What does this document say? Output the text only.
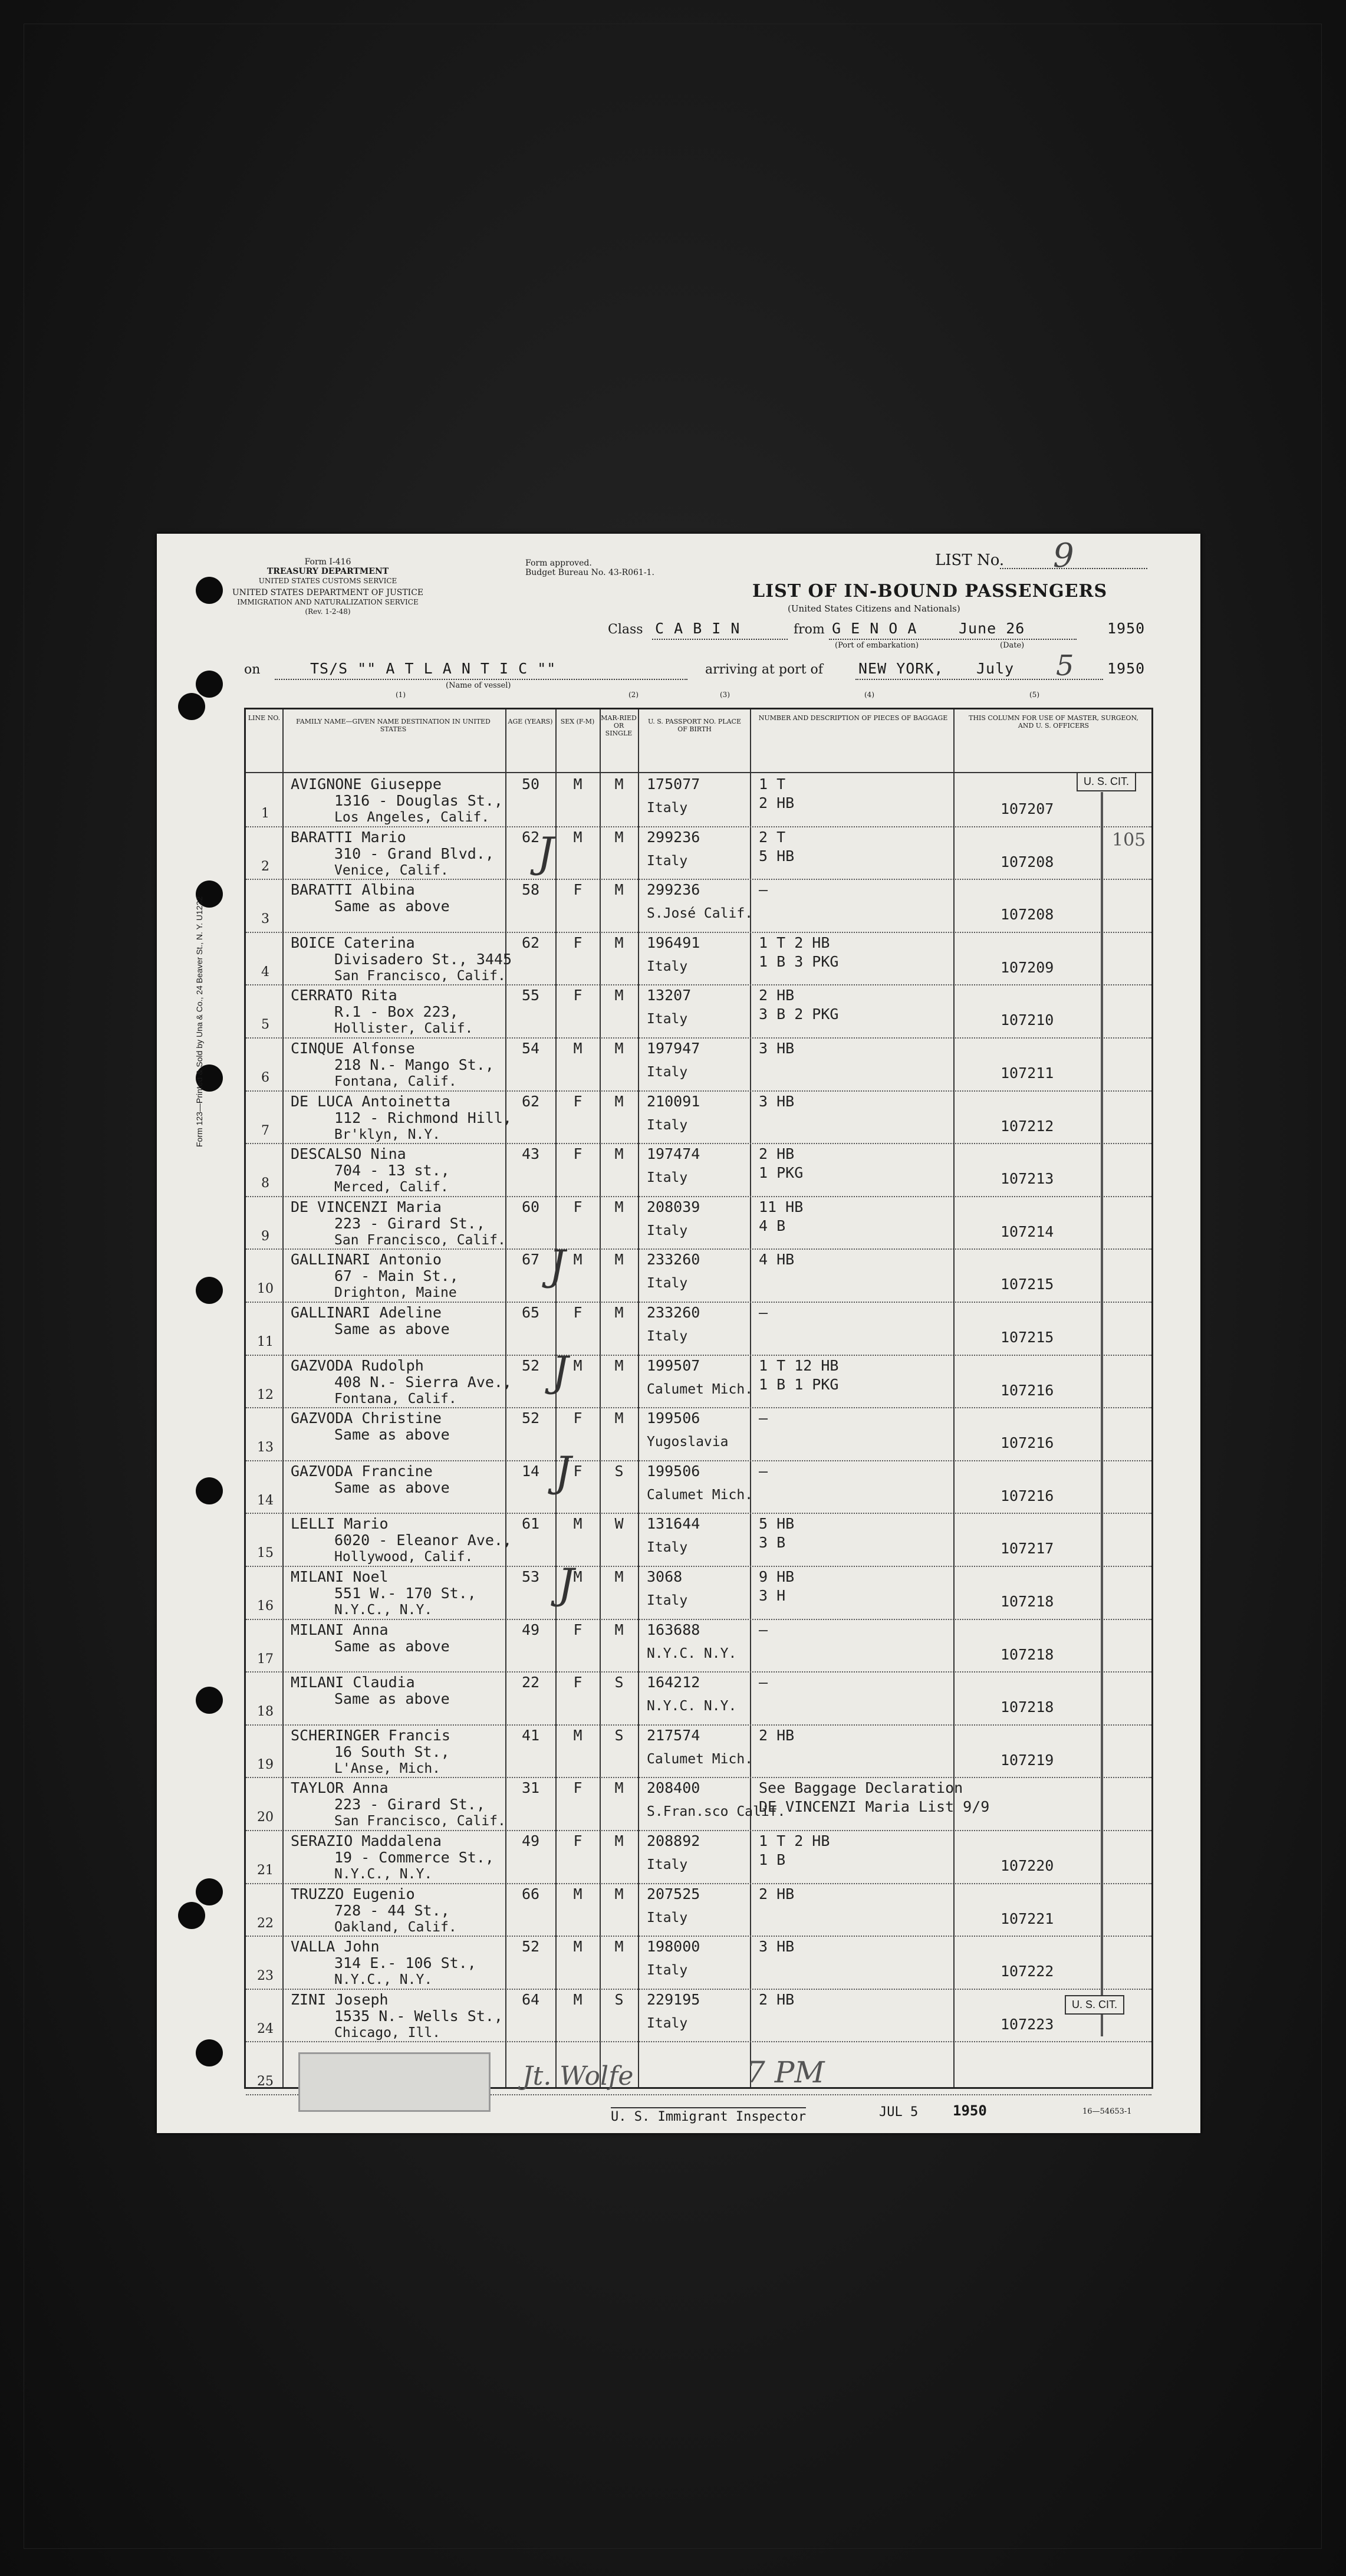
Form 123—Printed & Sold by Una & Co., 24 Beaver St., N. Y. U1232
Form I-416
TREASURY DEPARTMENT
UNITED STATES CUSTOMS SERVICE
UNITED STATES DEPARTMENT OF JUSTICE
IMMIGRATION AND NATURALIZATION SERVICE
(Rev. 1-2-48)
Form approved.
Budget Bureau No. 43-R061-1.
LIST No. 9
LIST OF IN-BOUND PASSENGERS
(United States Citizens and Nationals)
Class C A B I N	from G E N O A	June 26	1950
(Port of embarkation)	(Date)
on	TS/S "" A T L A N T I C ""
(Name of vessel)
arriving at port of NEW YORK, July 5 1950
(1)	(2)	(3)	(4)	(5)
LINE NO.	FAMILY NAME—GIVEN NAME DESTINATION IN UNITED STATES
AGE (YEARS)	SEX (F-M) MAR-RIED OR SINGLE
U. S. PASSPORT NO. PLACE OF BIRTH
NUMBER AND DESCRIPTION OF PIECES OF BAGGAGE	THIS COLUMN FOR USE OF MASTER, SURGEON, AND U. S. OFFICERS
1
AVIGNONE Giuseppe
1316 - Douglas St.,
Los Angeles, Calif.
50	M	M	175077
Italy
1 T
2 HB	107207
2
BARATTI Mario
310 - Grand Blvd.,
Venice, Calif.
62	M	M	299236
Italy
2 T
5 HB	107208
3
BARATTI Albina
Same as above
58	F	M	299236
S.José Calif.
—
107208
4
BOICE Caterina
Divisadero St., 3445
San Francisco, Calif.
62	F	M	196491
Italy
1 T 2 HB
1 B 3 PKG	107209
5
CERRATO Rita
R.1 - Box 223,
Hollister, Calif.
55	F	M	13207
Italy
2 HB
3 B 2 PKG	107210
6
CINQUE Alfonse
218 N.- Mango St.,
Fontana, Calif.
54	M	M	197947
Italy
3 HB
107211
7
DE LUCA Antoinetta
112 - Richmond Hill,
Br'klyn, N.Y.
62	F	M	210091
Italy
3 HB
107212
8
DESCALSO Nina
704 - 13 st.,
Merced, Calif.
43	F	M	197474
Italy
2 HB
1 PKG	107213
9
DE VINCENZI Maria
223 - Girard St.,
San Francisco, Calif.
60	F	M	208039
Italy
11 HB
4 B	107214
10
GALLINARI Antonio
67 - Main St.,
Drighton, Maine
67	M	M	233260
Italy
4 HB
107215
11
GALLINARI Adeline
Same as above
65	F	M	233260
Italy
—
107215
12
GAZVODA Rudolph
408 N.- Sierra Ave.,
Fontana, Calif.
52	M	M	199507
Calumet Mich.
1 T 12 HB
1 B 1 PKG	107216
13
GAZVODA Christine
Same as above
52	F	M	199506
Yugoslavia
—
107216
14
GAZVODA Francine
Same as above
14	F	S	199506
Calumet Mich.
—
107216
15
LELLI Mario
6020 - Eleanor Ave.,
Hollywood, Calif.
61	M	W	131644
Italy
5 HB
3 B	107217
16
MILANI Noel
551 W.- 170 St.,
N.Y.C., N.Y.
53	M	M	3068
Italy
9 HB
3 H	107218
17
MILANI Anna
Same as above
49	F	M	163688
N.Y.C. N.Y.
—
107218
18
MILANI Claudia
Same as above
22	F	S	164212
N.Y.C. N.Y.
—
107218
19
SCHERINGER Francis
16 South St.,
L'Anse, Mich.
41	M	S	217574
Calumet Mich.
2 HB
107219
20
TAYLOR Anna
223 - Girard St.,
San Francisco, Calif.
31	F	M	208400
S.Fran.sco Calif.
See Baggage Declaration
DE VINCENZI Maria List 9/9
21
SERAZIO Maddalena
19 - Commerce St.,
N.Y.C., N.Y.
49	F	M	208892
Italy
1 T 2 HB
1 B	107220
22
TRUZZO Eugenio
728 - 44 St.,
Oakland, Calif.
66	M	M	207525
Italy
2 HB
107221
23
VALLA John
314 E.- 106 St.,
N.Y.C., N.Y.
52	M	M	198000
Italy
3 HB
107222
24
ZINI Joseph
1535 N.- Wells St.,
Chicago, Ill.
64	M	S	229195
Italy
2 HB
107223
25
U. S. CIT.
U. S. CIT.
105
J
J
J
J
J
Jt. Wolfe	7 PM
U. S. Immigrant Inspector	JUL 5 1950	16—54653-1
